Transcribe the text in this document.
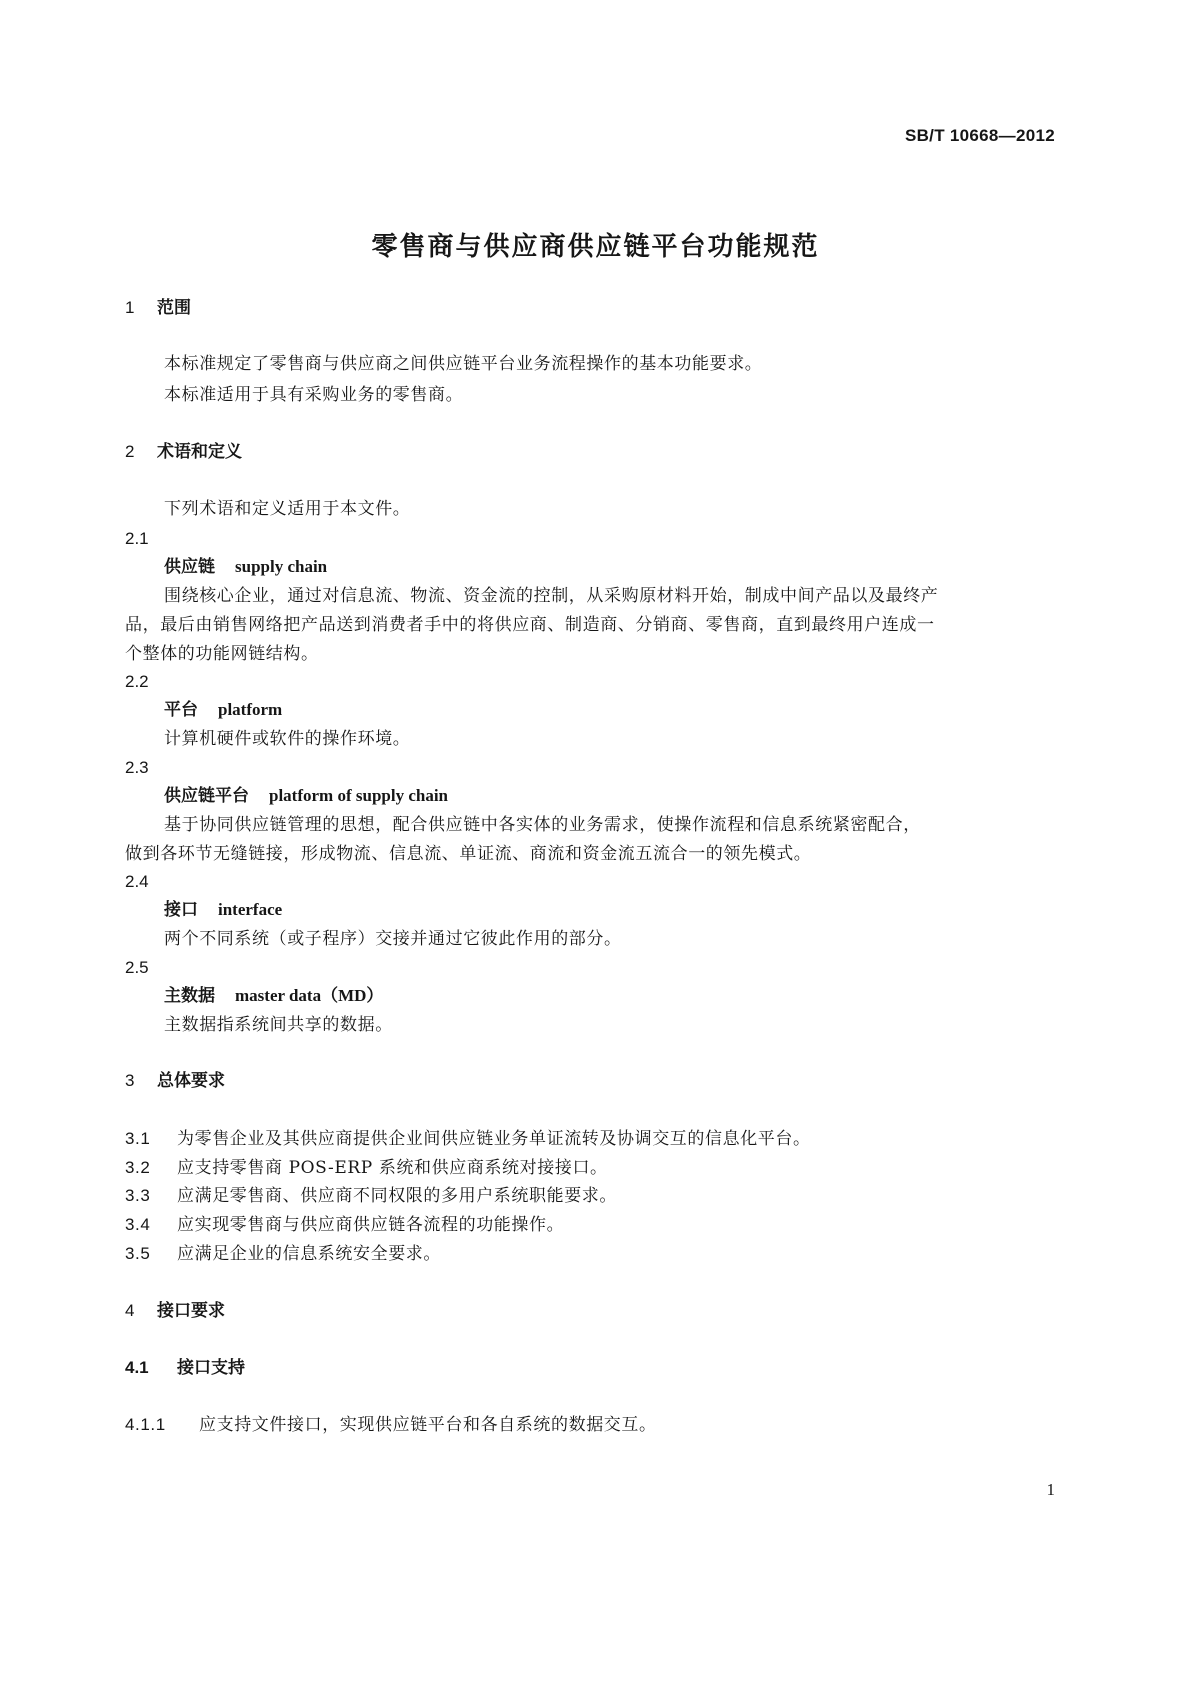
SB/T 10668—2012
零售商与供应商供应链平台功能规范
1 范围
本标准规定了零售商与供应商之间供应链平台业务流程操作的基本功能要求。
本标准适用于具有采购业务的零售商。
2 术语和定义
下列术语和定义适用于本文件。
2.1
供应链 supply chain
围绕核心企业，通过对信息流、物流、资金流的控制，从采购原材料开始，制成中间产品以及最终产
品，最后由销售网络把产品送到消费者手中的将供应商、制造商、分销商、零售商，直到最终用户连成一
个整体的功能网链结构。
2.2
平台 platform
计算机硬件或软件的操作环境。
2.3
供应链平台 platform of supply chain
基于协同供应链管理的思想，配合供应链中各实体的业务需求，使操作流程和信息系统紧密配合，
做到各环节无缝链接，形成物流、信息流、单证流、商流和资金流五流合一的领先模式。
2.4
接口 interface
两个不同系统（或子程序）交接并通过它彼此作用的部分。
2.5
主数据 master data（MD）
主数据指系统间共享的数据。
3 总体要求
3.1 为零售企业及其供应商提供企业间供应链业务单证流转及协调交互的信息化平台。
3.2 应支持零售商 POS-ERP 系统和供应商系统对接接口。
3.3 应满足零售商、供应商不同权限的多用户系统职能要求。
3.4 应实现零售商与供应商供应链各流程的功能操作。
3.5 应满足企业的信息系统安全要求。
4 接口要求
4.1 接口支持
4.1.1 应支持文件接口，实现供应链平台和各自系统的数据交互。
1
